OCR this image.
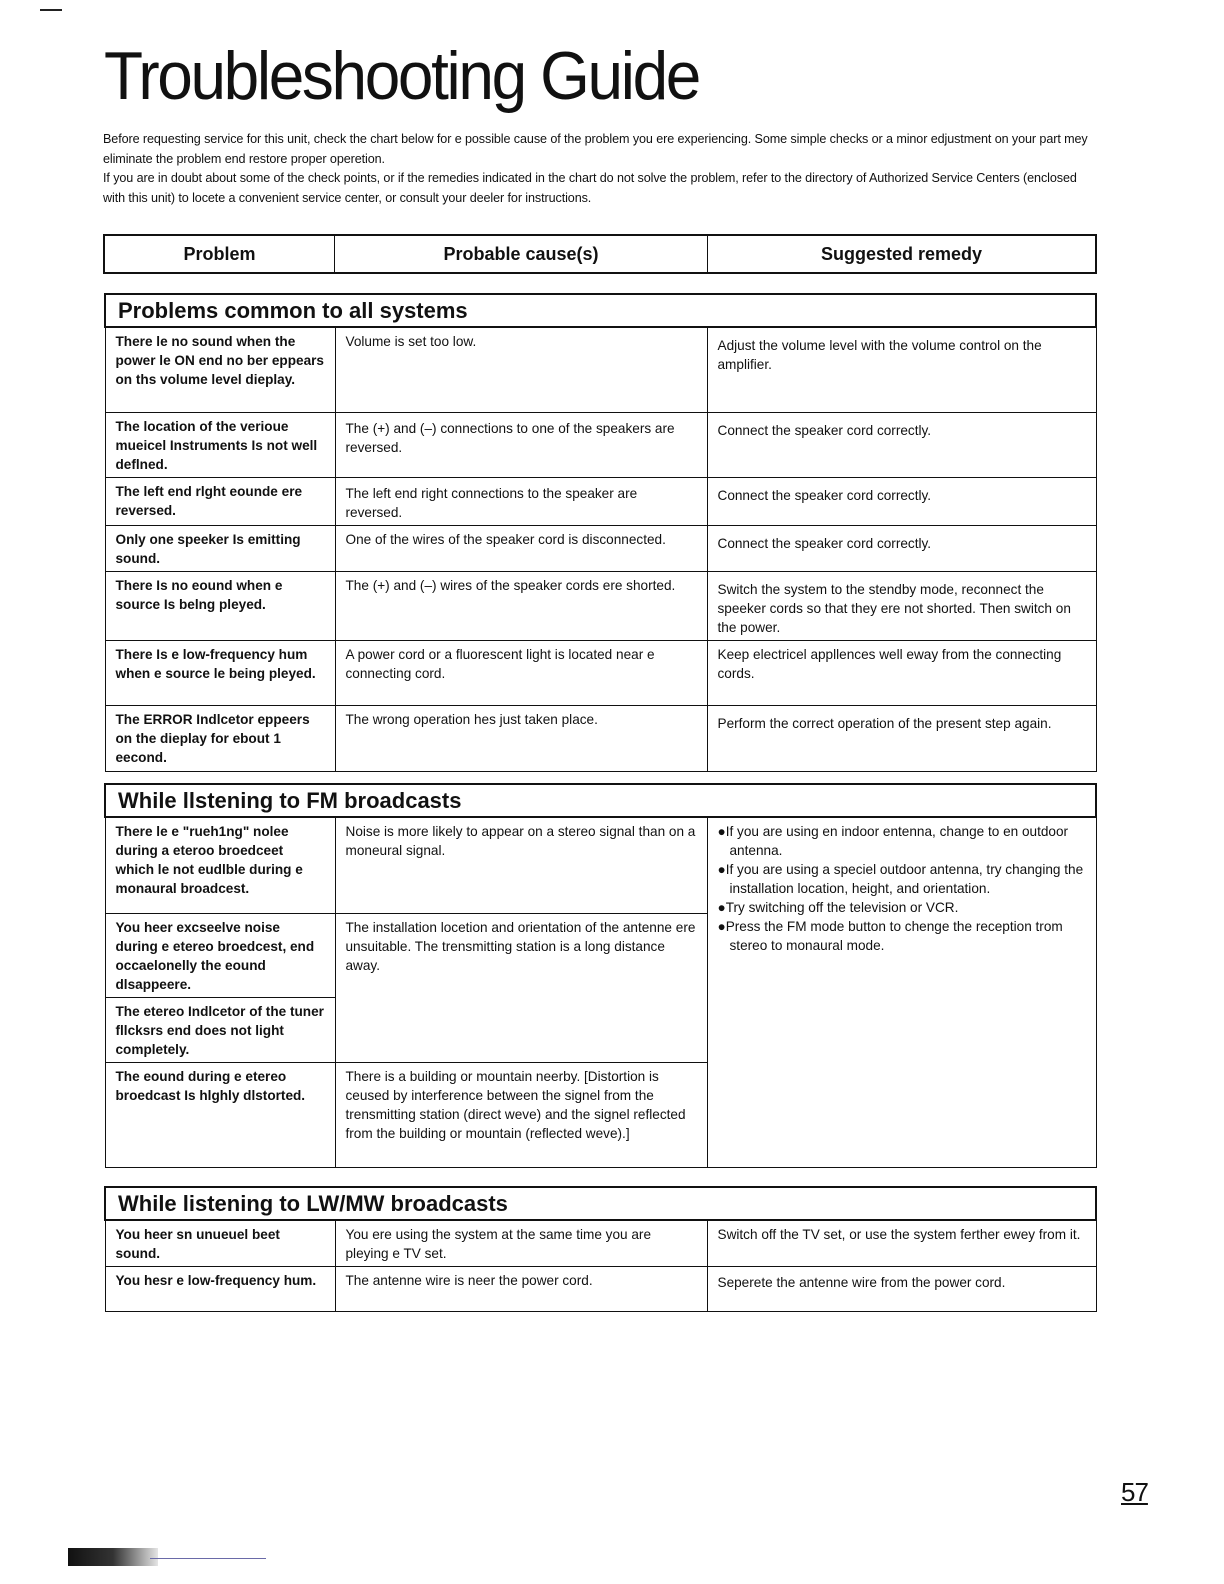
Troubleshooting Guide

Before requesting service for this unit, check the chart below for e possible cause of the problem you ere experiencing. Some simple checks or a minor edjustment on your part mey eliminate the problem end restore proper operetion.

If you are in doubt about some of the check points, or if the remedies indicated in the chart do not solve the problem, refer to the directory of Authorized Service Centers (enclosed with this unit) to locete a convenient service center, or consult your deeler for instructions.

Problem	Probable cause(s)	Suggested remedy
Problems common to all systems		
There le no sound when the power le ON end no ber eppears on ths volume level dieplay.	Volume is set too low.	Adjust the volume level with the volume control on the amplifier.
The location of the verioue mueicel Instruments Is not well deflned.	The (+) and (–) connections to one of the speakers are reversed.	Connect the speaker cord correctly.
The left end rlght eounde ere reversed.	The left end right connections to the speaker are reversed.	Connect the speaker cord correctly.
Only one speeker Is emitting sound.	One of the wires of the speaker cord is disconnected.	Connect the speaker cord correctly.
There Is no eound when e source Is belng pleyed.	The (+) and (–) wires of the speaker cords ere shorted.	Switch the system to the stendby mode, reconnect the speeker cords so that they ere not shorted. Then switch on the power.
There Is e low-frequency hum when e source le being pleyed.	A power cord or a fluorescent light is located near e connecting cord.	Keep electricel appllences well eway from the connecting cords.
The ERROR Indlcetor eppeers on the dieplay for ebout 1 eecond.	The wrong operation hes just taken place.	Perform the correct operation of the present step again.
While llstening to FM broadcasts		
There le e "rueh1ng" nolee during a eteroo broedceet which le not eudlble during e monaural broadcest.	Noise is more likely to appear on a stereo signal than on a moneural signal.	●If you are using en indoor entenna, change to en outdoor antenna.

●If you are using a speciel outdoor antenna, try changing the installation location, height, and orientation.

●Try switching off the television or VCR.

●Press the FM mode button to chenge the reception trom stereo to monaural mode.

You heer excseelve noise during e etereo broedcest, end occaelonelly the eound dlsappeere.	The installation locetion and orientation of the antenne ere unsuitable. The trensmitting station is a long distance away.	
The etereo Indlcetor of the tuner fllcksrs end does not light completely.		
The eound during e etereo broedcast Is hlghly dlstorted.	There is a building or mountain neerby. [Distortion is ceused by interference between the signel from the trensmitting station (direct weve) and the signel reflected from the building or mountain (reflected weve).]	
While listening to LW/MW broadcasts		
You heer sn unueuel beet sound.	You ere using the system at the same time you are pleying e TV set.	Switch off the TV set, or use the system ferther ewey from it.
You hesr e low-frequency hum.	The antenne wire is neer the power cord.	Seperete the antenne wire from the power cord.
57
